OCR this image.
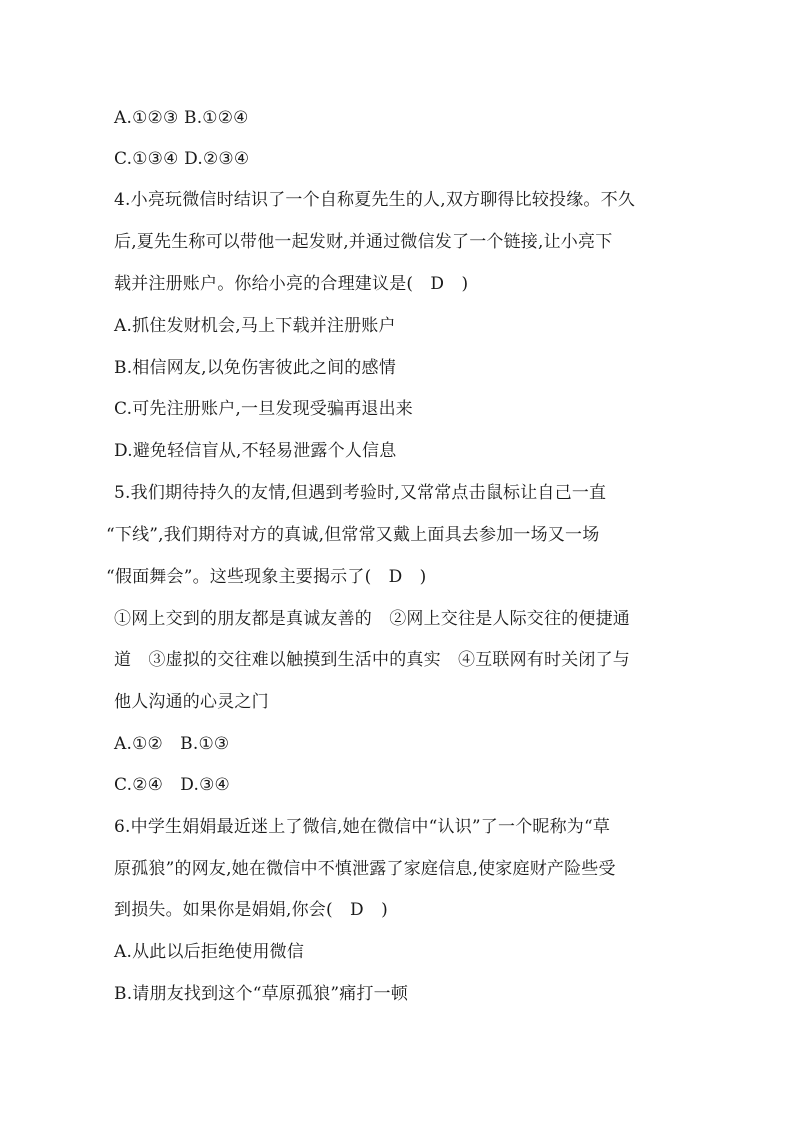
A.①②③ B.①②④
C.①③④ D.②③④
4.小亮玩微信时结识了一个自称夏先生的人,双方聊得比较投缘。不久
后,夏先生称可以带他一起发财,并通过微信发了一个链接,让小亮下
载并注册账户。你给小亮的合理建议是(　D　)
A.抓住发财机会,马上下载并注册账户
B.相信网友,以免伤害彼此之间的感情
C.可先注册账户,一旦发现受骗再退出来
D.避免轻信盲从,不轻易泄露个人信息
5.我们期待持久的友情,但遇到考验时,又常常点击鼠标让自己一直
“下线”,我们期待对方的真诚,但常常又戴上面具去参加一场又一场
“假面舞会”。这些现象主要揭示了(　D　)
①网上交到的朋友都是真诚友善的　②网上交往是人际交往的便捷通
道　③虚拟的交往难以触摸到生活中的真实　④互联网有时关闭了与
他人沟通的心灵之门
A.①②　B.①③
C.②④　D.③④
6.中学生娟娟最近迷上了微信,她在微信中“认识”了一个昵称为“草
原孤狼”的网友,她在微信中不慎泄露了家庭信息,使家庭财产险些受
到损失。如果你是娟娟,你会(　D　)
A.从此以后拒绝使用微信
B.请朋友找到这个“草原孤狼”痛打一顿
